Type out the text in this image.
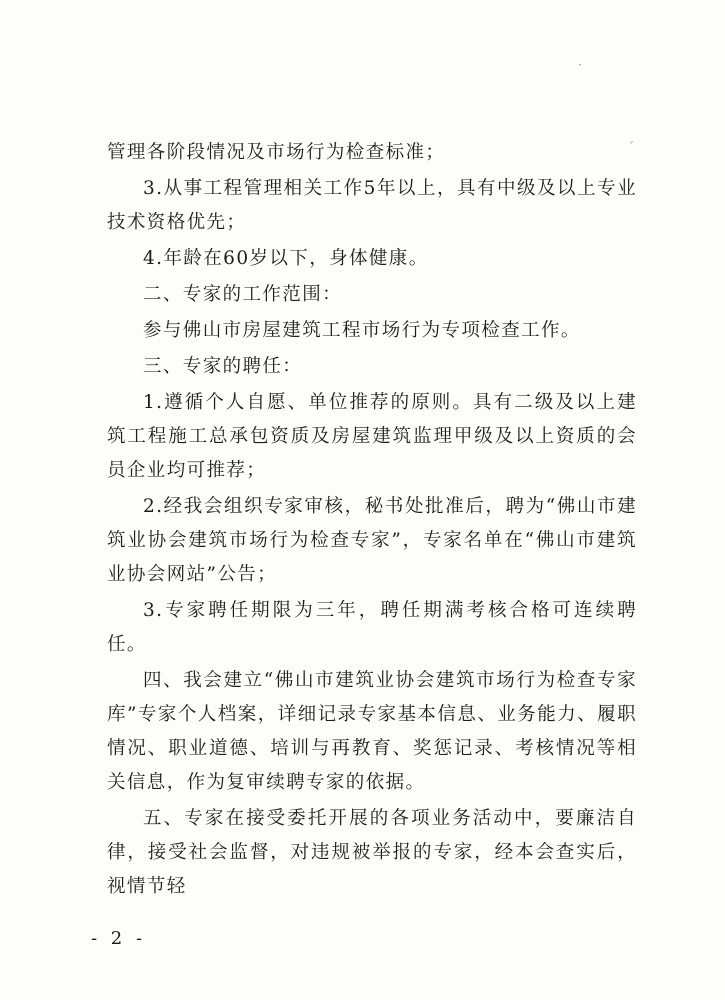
管理各阶段情况及市场行为检查标准；

3.从事工程管理相关工作5年以上，具有中级及以上专业技术资格优先；

4.年龄在60岁以下，身体健康。

二、专家的工作范围：

参与佛山市房屋建筑工程市场行为专项检查工作。

三、专家的聘任：

1.遵循个人自愿、单位推荐的原则。具有二级及以上建筑工程施工总承包资质及房屋建筑监理甲级及以上资质的会员企业均可推荐；

2.经我会组织专家审核，秘书处批准后，聘为“佛山市建筑业协会建筑市场行为检查专家”，专家名单在“佛山市建筑业协会网站”公告；

3.专家聘任期限为三年，聘任期满考核合格可连续聘任。

四、我会建立“佛山市建筑业协会建筑市场行为检查专家库”专家个人档案，详细记录专家基本信息、业务能力、履职情况、职业道德、培训与再教育、奖惩记录、考核情况等相关信息，作为复审续聘专家的依据。

五、专家在接受委托开展的各项业务活动中，要廉洁自律，接受社会监督，对违规被举报的专家，经本会查实后，视情节轻

- 2 -
·
ˊ
